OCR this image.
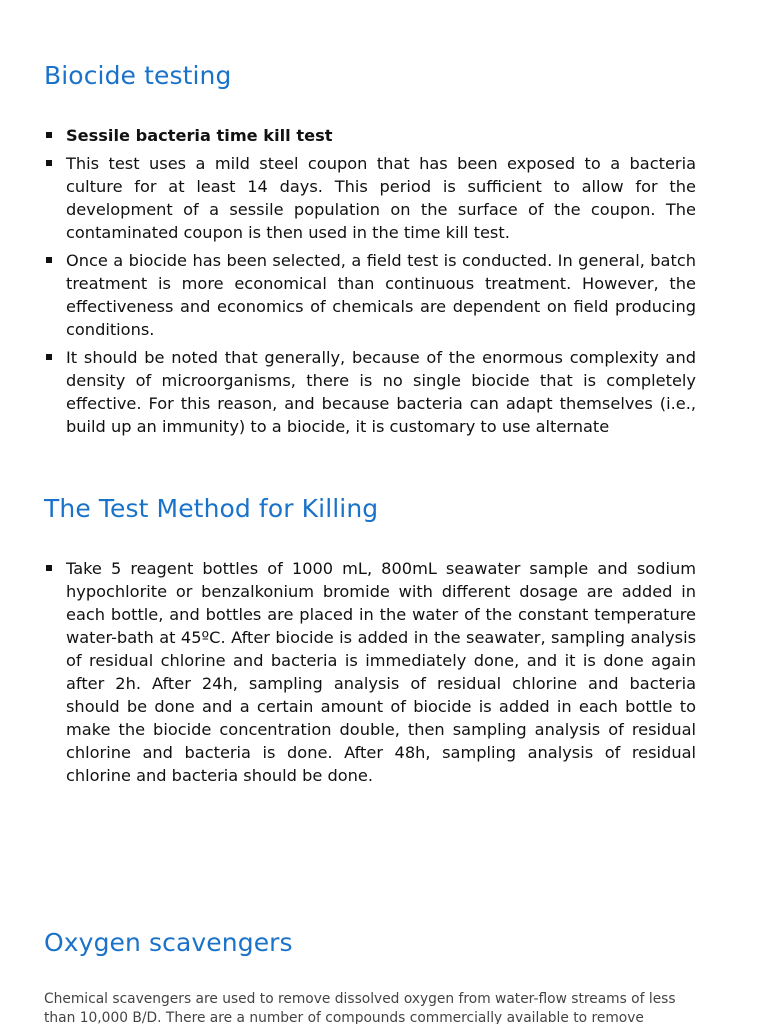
Biocide testing
Sessile bacteria time kill test
This test uses a mild steel coupon that has been exposed to a bacteria culture for at least 14 days. This period is sufficient to allow for the development of a sessile population on the surface of the coupon. The contaminated coupon is then used in the time kill test.
Once a biocide has been selected, a field test is conducted. In general, batch treatment is more economical than continuous treatment. However, the effectiveness and economics of chemicals are dependent on field producing conditions.
It should be noted that generally, because of the enormous complexity and density of microorganisms, there is no single biocide that is completely effective. For this reason, and because bacteria can adapt themselves (i.e., build up an immunity) to a biocide, it is customary to use alternate
The Test Method for Killing
Take 5 reagent bottles of 1000 mL, 800mL seawater sample and sodium hypochlorite or benzalkonium bromide with different dosage are added in each bottle, and bottles are placed in the water of the constant temperature water-bath at 45ºC. After biocide is added in the seawater, sampling analysis of residual chlorine and bacteria is immediately done, and it is done again after 2h. After 24h, sampling analysis of residual chlorine and bacteria should be done and a certain amount of biocide is added in each bottle to make the biocide concentration double, then sampling analysis of residual chlorine and bacteria is done. After 48h, sampling analysis of residual chlorine and bacteria should be done.
Oxygen scavengers

Chemical scavengers are used to remove dissolved oxygen from water-flow streams of less than 10,000 B/D. There are a number of compounds commercially available to remove
